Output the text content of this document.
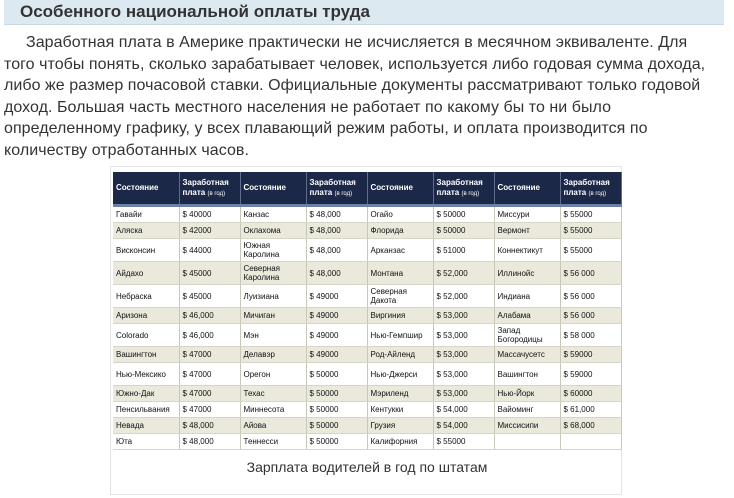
Особенного национальной оплаты труда

Заработная плата в Америке практически не исчисляется в месячном эквиваленте. Для того чтобы понять, сколько зарабатывает человек, используется либо годовая сумма дохода, либо же размер почасовой ставки. Официальные документы рассматривают только годовой доход. Большая часть местного населения не работает по какому бы то ни было определенному графику, у всех плавающий режим работы, и оплата производится по количеству отработанных часов.

Состояние	Заработная плата (в год)	Состояние	Заработная плата (в год)	Состояние	Заработная плата (в год)	Состояние	Заработная плата (в год)
Гавайи	$ 40000	Канзас	$ 48,000	Огайо	$ 50000	Миссури	$ 55000
Аляска	$ 42000	Оклахома	$ 48,000	Флорида	$ 50000	Вермонт	$ 55000
Висконсин	$ 44000	Южная Каролина	$ 48,000	Арканзас	$ 51000	Коннектикут	$ 55000
Айдахо	$ 45000	Северная Каролина	$ 48,000	Монтана	$ 52,000	Иллинойс	$ 56 000
Небраска	$ 45000	Луизиана	$ 49000	Северная Дакота	$ 52,000	Индиана	$ 56 000
Аризона	$ 46,000	Мичиган	$ 49000	Виргиния	$ 53,000	Алабама	$ 56 000
Colorado	$ 46,000	Мэн	$ 49000	Нью-Гемпшир	$ 53,000	Запад Богородицы	$ 58 000
Вашингтон	$ 47000	Делавэр	$ 49000	Род-Айленд	$ 53,000	Массачусетс	$ 59000
Нью-Мексико	$ 47000	Орегон	$ 50000	Нью-Джерси	$ 53,000	Вашингтон	$ 59000
Южно-Дак	$ 47000	Техас	$ 50000	Мэриленд	$ 53,000	Нью-Йорк	$ 60000
Пенсильвания	$ 47000	Миннесота	$ 50000	Кентукки	$ 54,000	Вайоминг	$ 61,000
Невада	$ 48,000	Айова	$ 50000	Грузия	$ 54,000	Миссисипи	$ 68,000
Юта	$ 48,000	Теннесси	$ 50000	Калифорния	$ 55000		
Зарплата водителей в год по штатам
